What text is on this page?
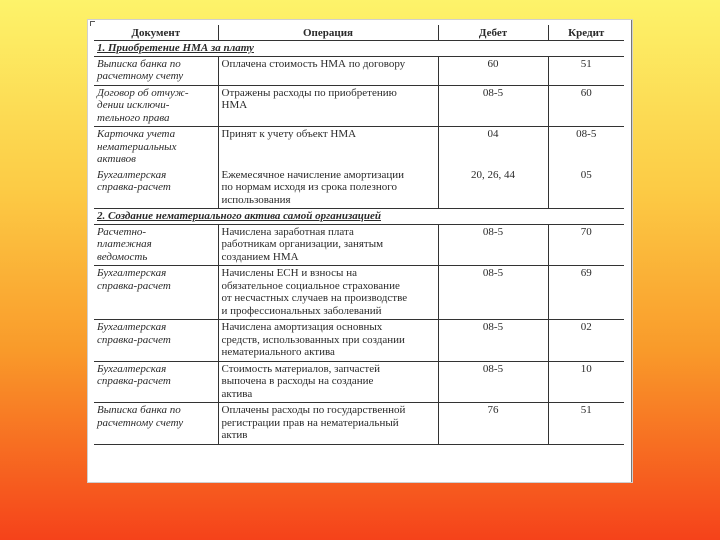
Документ	Операция	Дебет	Кредит
1. Приобретение НМА за плату			

Выписка банка по
расчетному счету	Оплачена стоимость НМА по договору	60	51

Договор об отчуж-
дении исключи-
тельного права	Отражены расходы по приобретению
НМА	08-5	60

Карточка учета
нематериальных
активов	Принят к учету объект НМА	04	08-5

Бухгалтерская
справка-расчет	Ежемесячное начисление амортизации
по нормам исходя из срока полезного
использования	20, 26, 44	05
2. Создание нематериального актива самой организацией			

Расчетно-
платежная
ведомость	Начислена заработная плата
работникам организации, занятым
созданием НМА	08-5	70

Бухгалтерская
справка-расчет	Начислены ЕСН и взносы на
обязательное социальное страхование
от несчастных случаев на производстве
и профессиональных заболеваний	08-5	69

Бухгалтерская
справка-расчет	Начислена амортизация основных
средств, использованных при создании
нематериального актива	08-5	02

Бухгалтерская
справка-расчет	Стоимость материалов, запчастей
выпочена в расходы на создание
актива	08-5	10

Выписка банка по
расчетному счету	Оплачены расходы по государственной
регистрации прав на нематериальный
актив	76	51
